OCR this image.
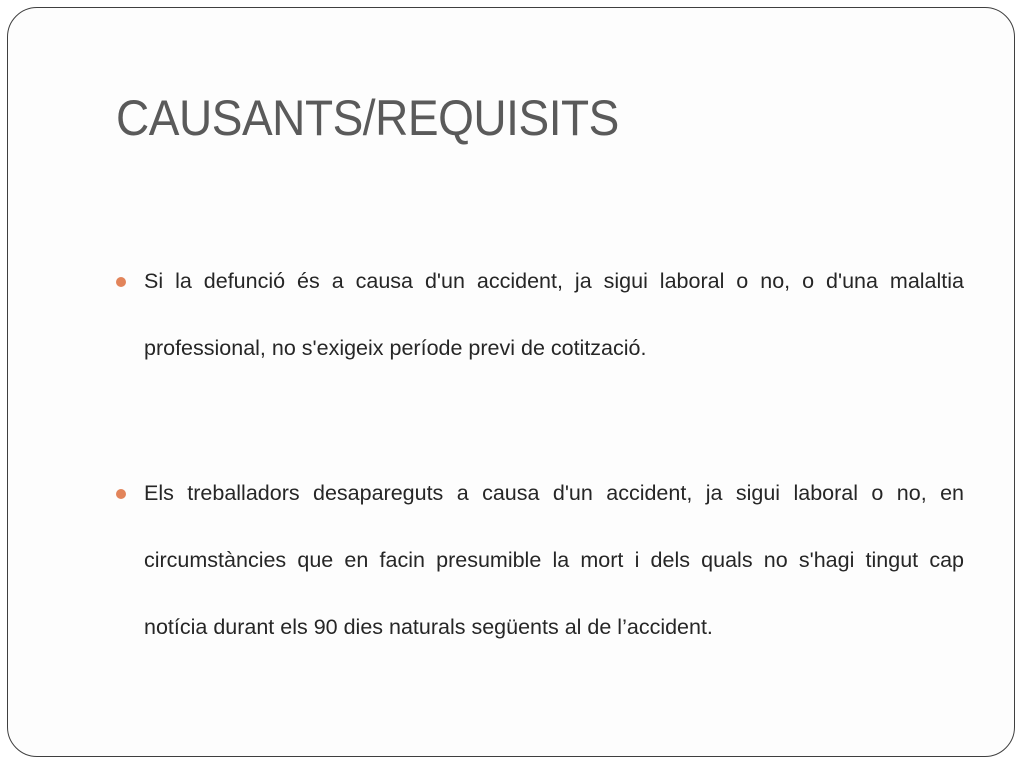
CAUSANTS/REQUISITS
Si la defunció és a causa d'un accident, ja sigui laboral o no, o d'una malaltia professional, no s'exigeix període previ de cotització.
Els treballadors desapareguts a causa d'un accident, ja sigui laboral o no, en circumstàncies que en facin presumible la mort i dels quals no s'hagi tingut cap notícia durant els 90 dies naturals següents al de l’accident.
